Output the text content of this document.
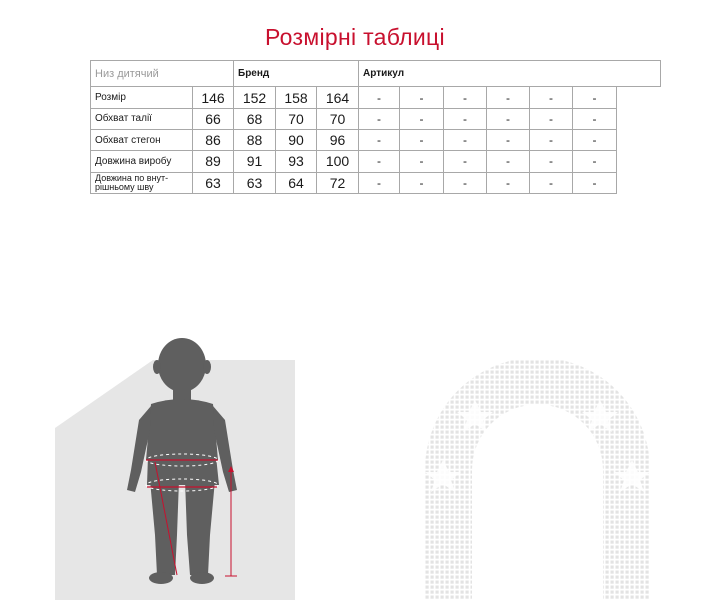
Розмірні таблиці
Низ дитячий		Бренд			Артикул					
Розмір	146	152	158	164	-	-	-	-	-	-
Обхват талії	66	68	70	70	-	-	-	-	-	-
Обхват стегон	86	88	90	96	-	-	-	-	-	-
Довжина виробу	89	91	93	100	-	-	-	-	-	-

Довжина по внут-
рішньому шву	63	63	64	72	-	-	-	-	-	-
